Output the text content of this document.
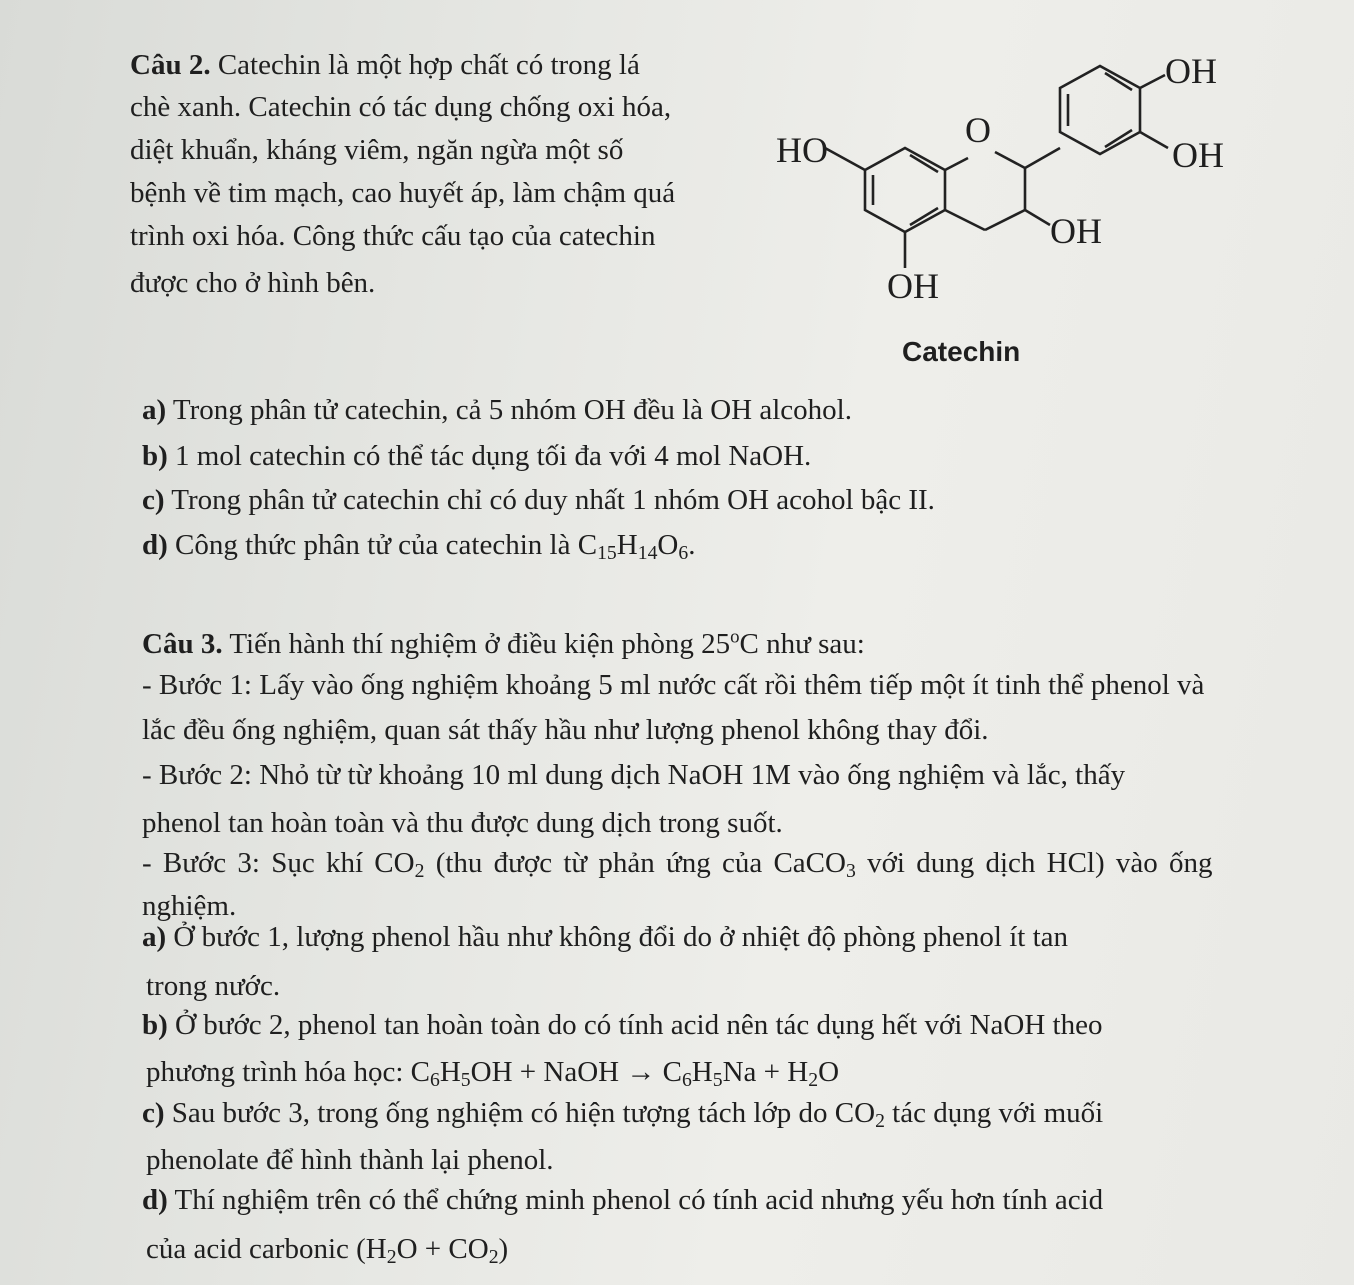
Câu 2. Catechin là một hợp chất có trong lá
chè xanh. Catechin có tác dụng chống oxi hóa,
diệt khuẩn, kháng viêm, ngăn ngừa một số
bệnh về tim mạch, cao huyết áp, làm chậm quá
trình oxi hóa. Công thức cấu tạo của catechin
được cho ở hình bên.
OH
OH
HO	O
OH
OH
Catechin
a) Trong phân tử catechin, cả 5 nhóm OH đều là OH alcohol.
b) 1 mol catechin có thể tác dụng tối đa với 4 mol NaOH.
c) Trong phân tử catechin chỉ có duy nhất 1 nhóm OH acohol bậc II.
d) Công thức phân tử của catechin là $C_{15}H_{14}O_6$.
Câu 3. Tiến hành thí nghiệm ở điều kiện phòng 25$^o$C như sau:
- Bước 1: Lấy vào ống nghiệm khoảng 5 ml nước cất rồi thêm tiếp một ít tinh thể phenol và
lắc đều ống nghiệm, quan sát thấy hầu như lượng phenol không thay đổi.
- Bước 2: Nhỏ từ từ khoảng 10 ml dung dịch NaOH 1M vào ống nghiệm và lắc, thấy
phenol tan hoàn toàn và thu được dung dịch trong suốt.
- Bước 3: Sục khí $CO_2$ (thu được từ phản ứng của CaCO$_3$ với dung dịch HCl) vào ống
nghiệm.
a) Ở bước 1, lượng phenol hầu như không đổi do ở nhiệt độ phòng phenol ít tan
trong nước.
b) Ở bước 2, phenol tan hoàn toàn do có tính acid nên tác dụng hết với NaOH theo
phương trình hóa học: $C_6H_5OH$ + NaOH → $C_6H_5Na + H_2O$
c) Sau bước 3, trong ống nghiệm có hiện tượng tách lớp do $CO_2$ tác dụng với muối
phenolate để hình thành lại phenol.
d) Thí nghiệm trên có thể chứng minh phenol có tính acid nhưng yếu hơn tính acid
của acid carbonic $(H_2O + CO_2)$
